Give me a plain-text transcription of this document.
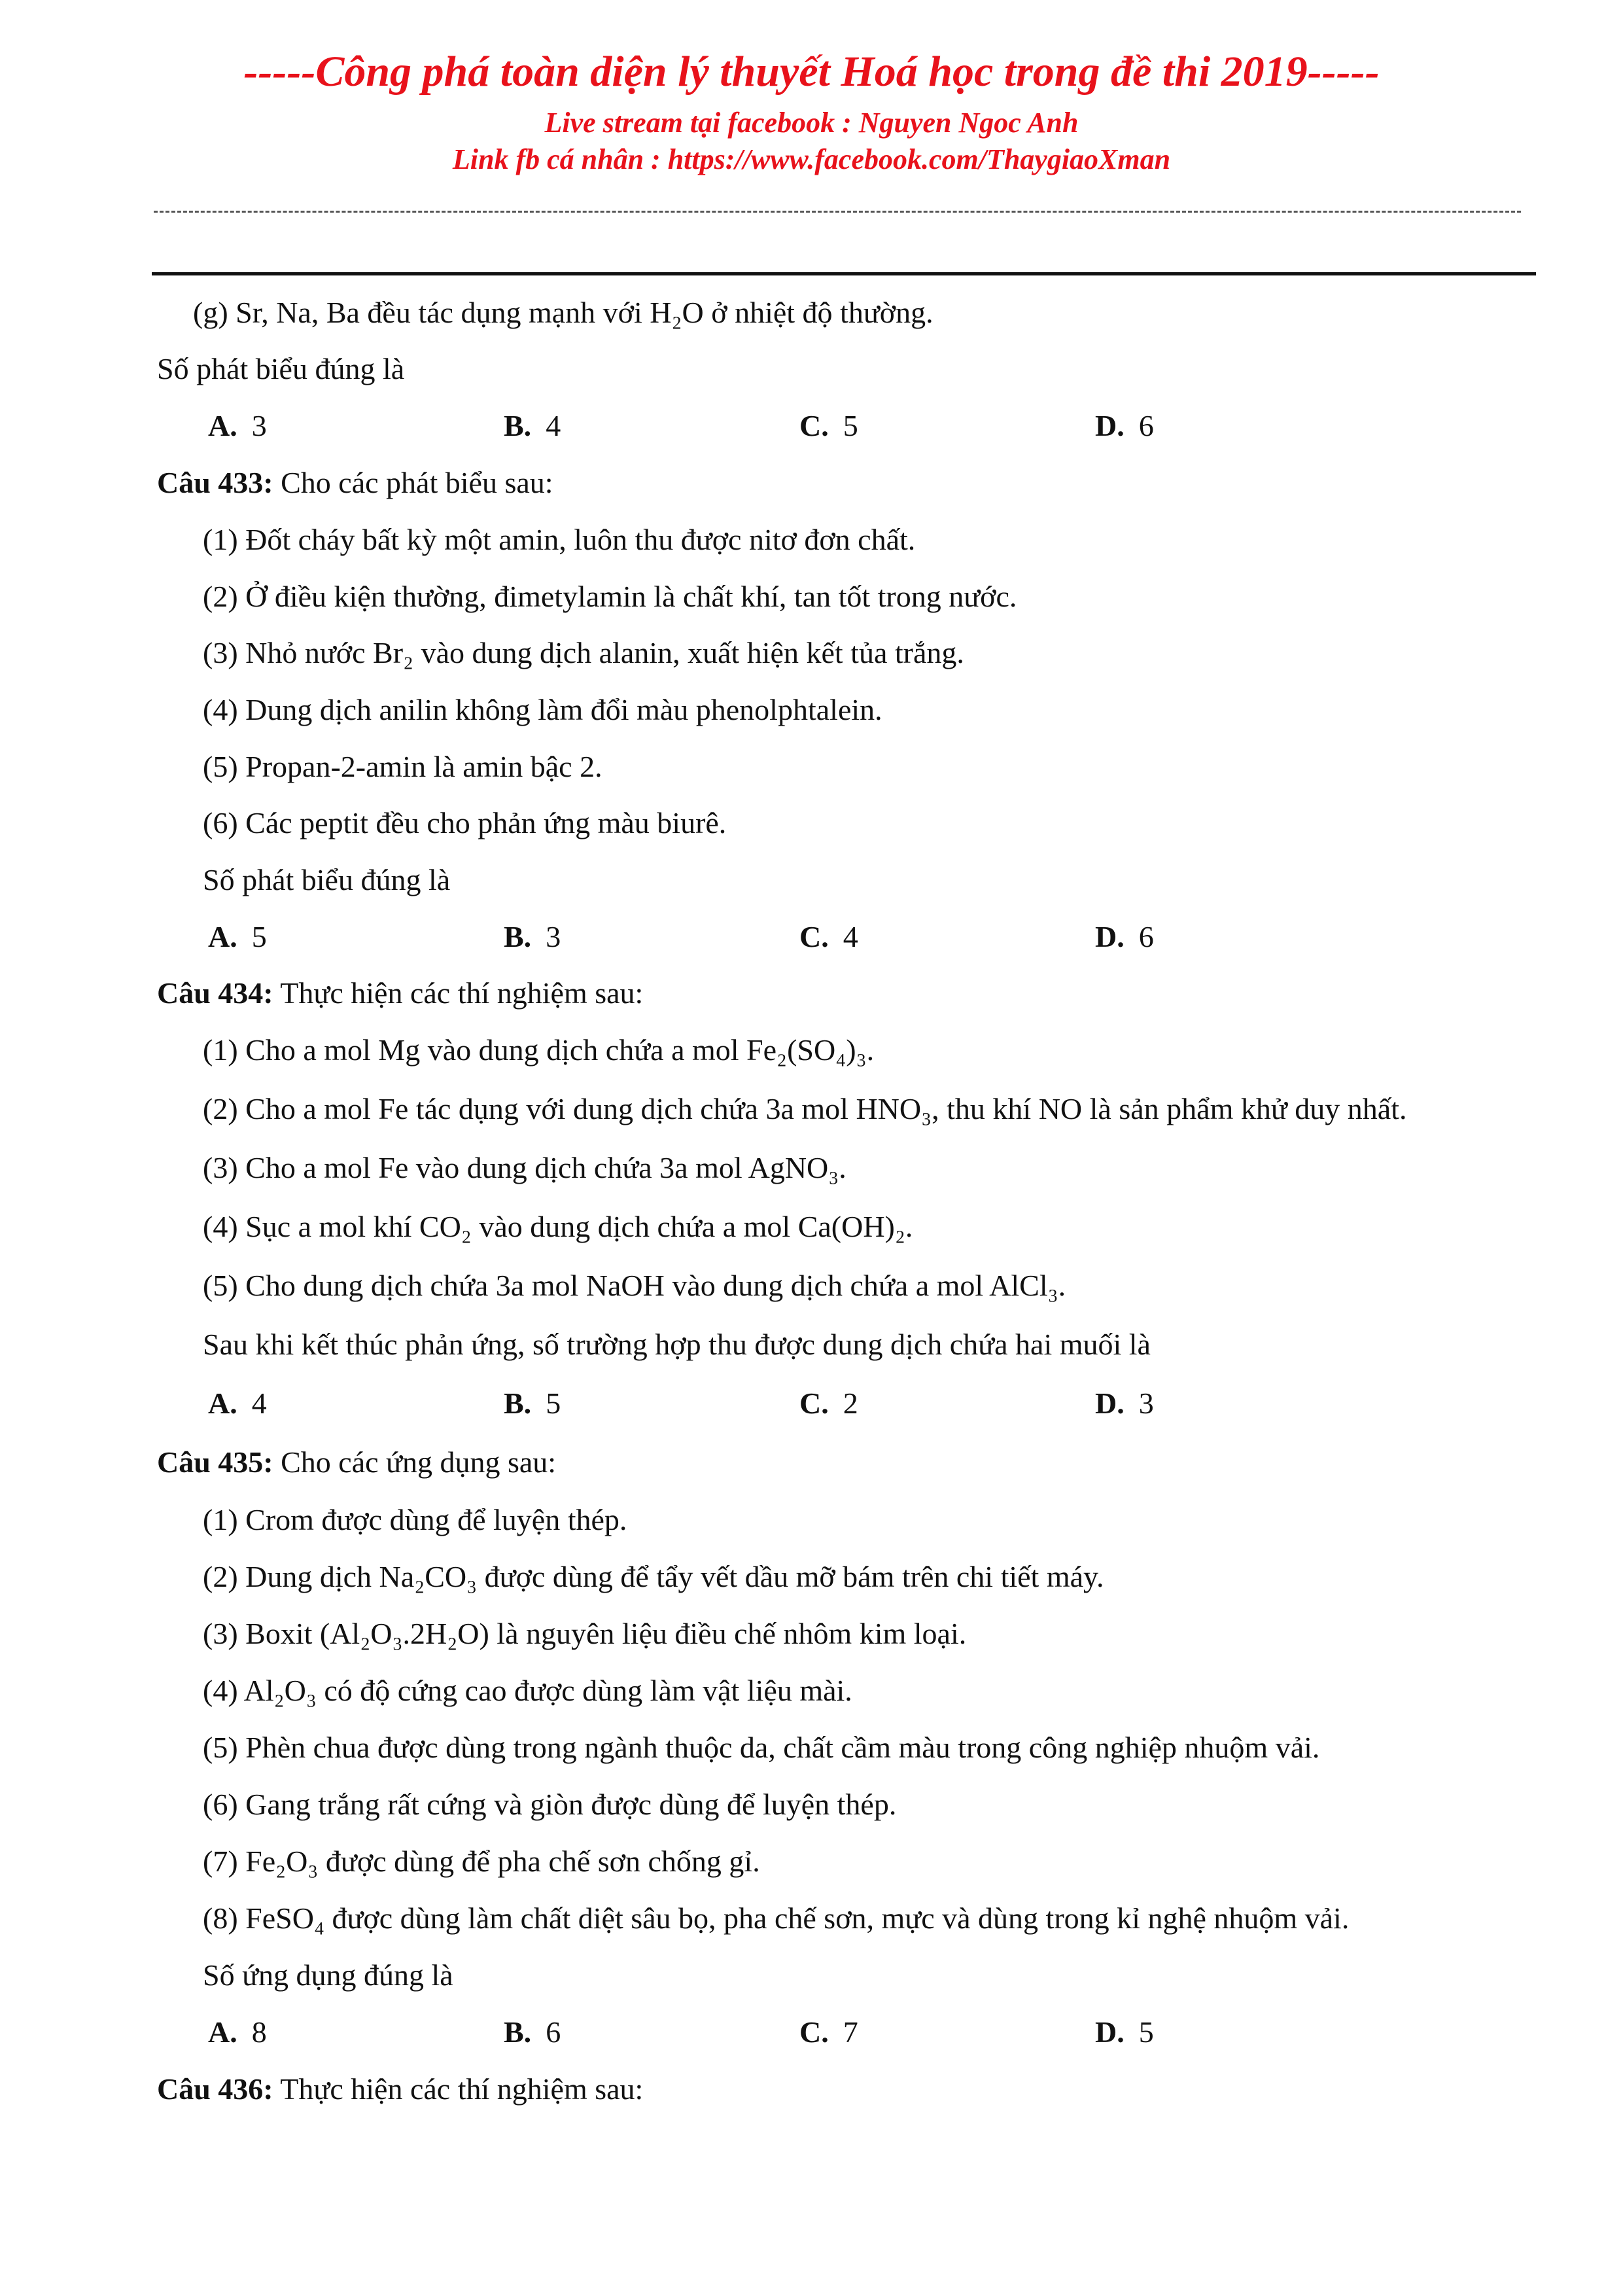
-----Công phá toàn diện lý thuyết Hoá học trong đề thi 2019-----
Live stream tại facebook : Nguyen Ngoc Anh
Link fb cá nhân : https://www.facebook.com/ThaygiaoXman
(g) Sr, Na, Ba đều tác dụng mạnh với H₂O ở nhiệt độ thường.
Số phát biểu đúng là
A. 3	B. 4	C. 5	D. 6
Câu 433: Cho các phát biểu sau:
(1) Đốt cháy bất kỳ một amin, luôn thu được nitơ đơn chất.
(2) Ở điều kiện thường, đimetylamin là chất khí, tan tốt trong nước.
(3) Nhỏ nước Br₂ vào dung dịch alanin, xuất hiện kết tủa trắng.
(4) Dung dịch anilin không làm đổi màu phenolphtalein.
(5) Propan-2-amin là amin bậc 2.
(6) Các peptit đều cho phản ứng màu biurê.
Số phát biểu đúng là
A. 5	B. 3	C. 4	D. 6
Câu 434: Thực hiện các thí nghiệm sau:
(1) Cho a mol Mg vào dung dịch chứa a mol Fe₂(SO₄)₃.
(2) Cho a mol Fe tác dụng với dung dịch chứa 3a mol HNO₃, thu khí NO là sản phẩm khử duy nhất.
(3) Cho a mol Fe vào dung dịch chứa 3a mol AgNO₃.
(4) Sục a mol khí CO₂ vào dung dịch chứa a mol Ca(OH)₂.
(5) Cho dung dịch chứa 3a mol NaOH vào dung dịch chứa a mol AlCl₃.
Sau khi kết thúc phản ứng, số trường hợp thu được dung dịch chứa hai muối là
A. 4	B. 5	C. 2	D. 3
Câu 435: Cho các ứng dụng sau:
(1) Crom được dùng để luyện thép.
(2) Dung dịch Na₂CO₃ được dùng để tẩy vết dầu mỡ bám trên chi tiết máy.
(3) Boxit (Al₂O₃.2H₂O) là nguyên liệu điều chế nhôm kim loại.
(4) Al₂O₃ có độ cứng cao được dùng làm vật liệu mài.
(5) Phèn chua được dùng trong ngành thuộc da, chất cầm màu trong công nghiệp nhuộm vải.
(6) Gang trắng rất cứng và giòn được dùng để luyện thép.
(7) Fe₂O₃ được dùng để pha chế sơn chống gỉ.
(8) FeSO₄ được dùng làm chất diệt sâu bọ, pha chế sơn, mực và dùng trong kỉ nghệ nhuộm vải.
Số ứng dụng đúng là
A. 8	B. 6	C. 7	D. 5
Câu 436: Thực hiện các thí nghiệm sau:
